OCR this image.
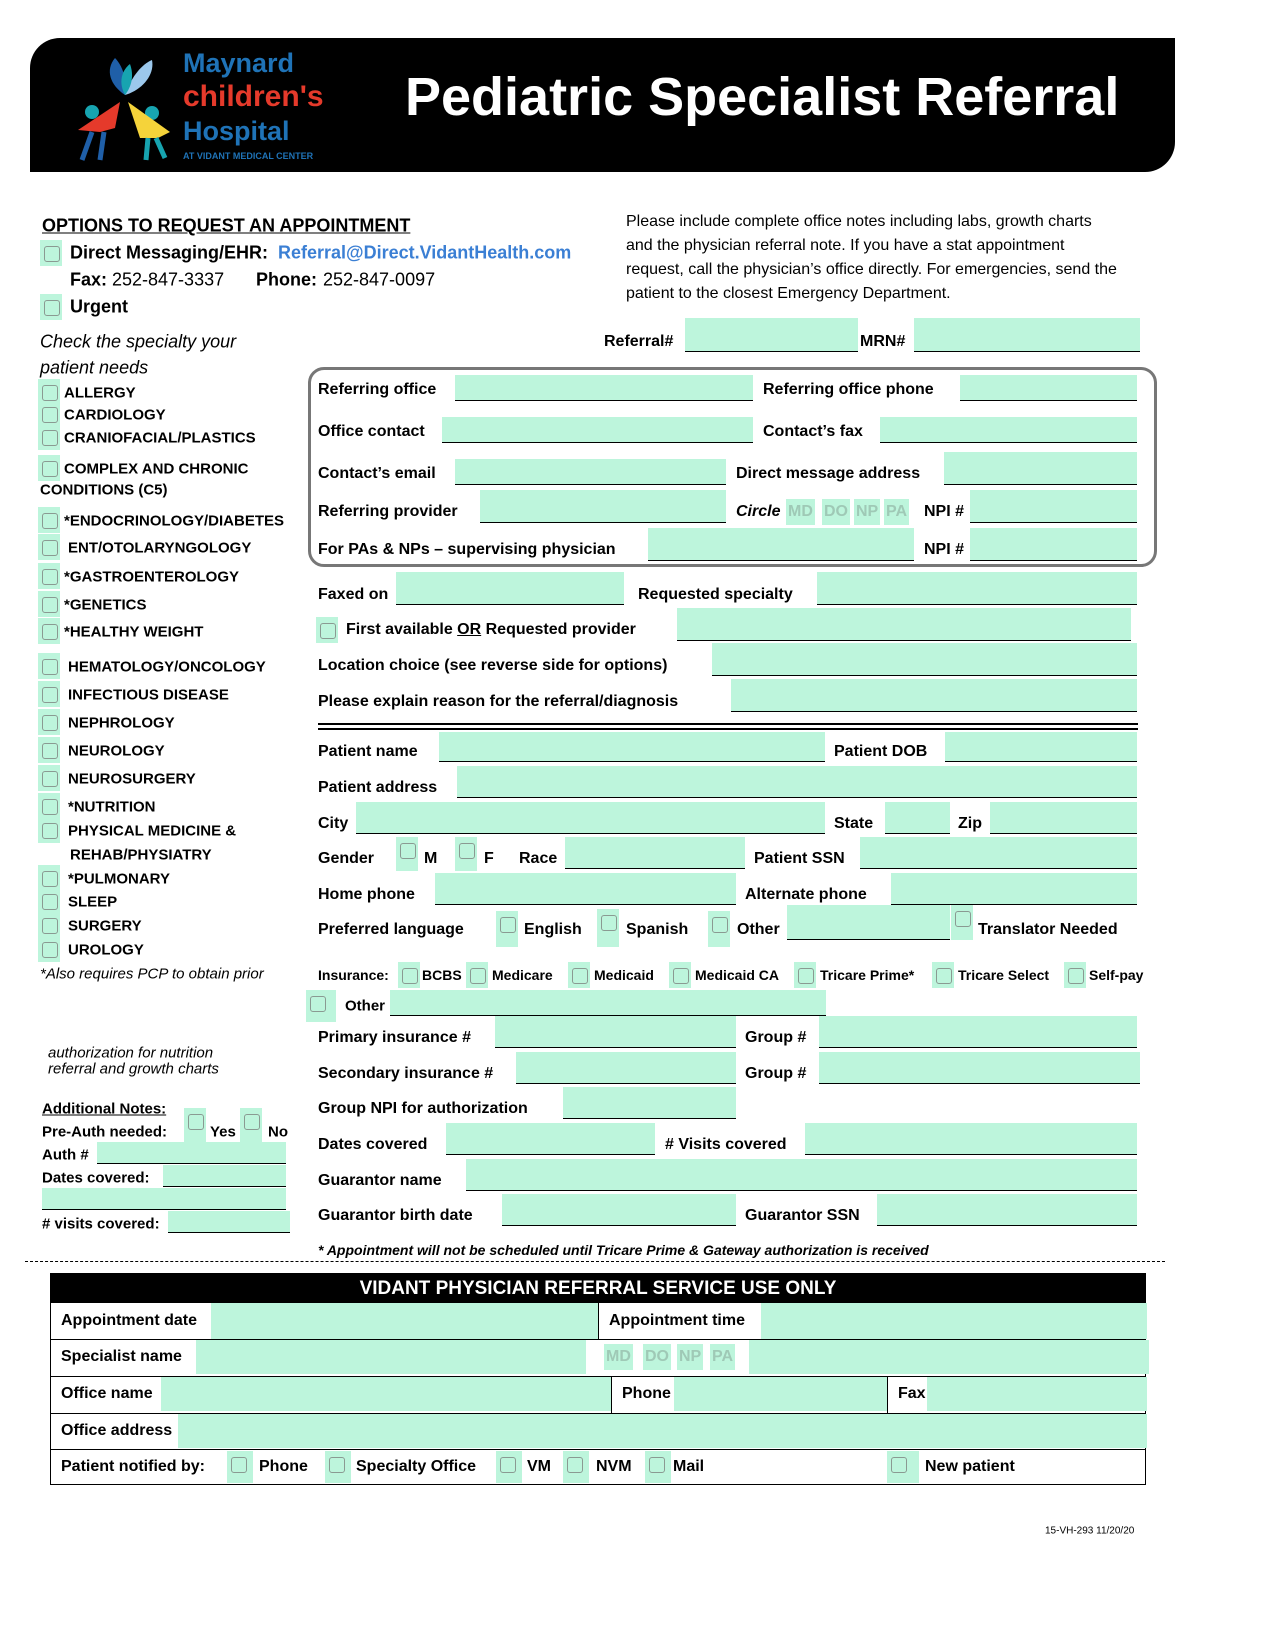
Maynard
children's
Hospital
AT VIDANT MEDICAL CENTER
Pediatric Specialist Referral
OPTIONS TO REQUEST AN APPOINTMENT
Direct Messaging/EHR: Referral@Direct.VidantHealth.com
Fax: 252-847-3337 Phone: 252-847-0097
Urgent
Please include complete office notes including labs, growth charts
and the physician referral note. If you have a stat appointment
request, call the physician’s office directly. For emergencies, send the
patient to the closest Emergency Department.
Referral#	MRN#
Check the specialty your
patient needs
ALLERGY
CARDIOLOGY
CRANIOFACIAL/PLASTICS
COMPLEX AND CHRONIC
CONDITIONS (C5)
*ENDOCRINOLOGY/DIABETES
ENT/OTOLARYNGOLOGY
*GASTROENTEROLOGY
*GENETICS
*HEALTHY WEIGHT
HEMATOLOGY/ONCOLOGY
INFECTIOUS DISEASE
NEPHROLOGY
NEUROLOGY
NEUROSURGERY
*NUTRITION
PHYSICAL MEDICINE &
REHAB/PHYSIATRY
*PULMONARY
SLEEP
SURGERY
UROLOGY
*Also requires PCP to obtain prior
authorization for nutrition
referral and growth charts
Additional Notes:
Pre-Auth needed:	Yes No
Auth #
Dates covered:
# visits covered:
Referring office	Referring office phone
Office contact	Contact’s fax
Contact’s email	Direct message address
Referring provider	Circle MD DO NP PA NPI #
For PAs & NPs – supervising physician	NPI #
Faxed on	Requested specialty
First available OR Requested provider
Location choice (see reverse side for options)
Please explain reason for the referral/diagnosis
Patient name	Patient DOB
Patient address
City	State	Zip
Gender	M	F Race	Patient SSN
Home phone	Alternate phone
Preferred language	English	Spanish	Other	Translator Needed
Insurance: BCBS Medicare	Medicaid	Medicaid CA	Tricare Prime*	Tricare Select	Self-pay
Other
Primary insurance #	Group #
Secondary insurance #	Group #
Group NPI for authorization
Dates covered	# Visits covered
Guarantor name
Guarantor birth date	Guarantor SSN
* Appointment will not be scheduled until Tricare Prime & Gateway authorization is received
VIDANT PHYSICIAN REFERRAL SERVICE USE ONLY
Appointment date	Appointment time
Specialist name	MD DO NP PA
Office name	Phone	Fax
Office address
Patient notified by:	Phone	Specialty Office	VM	NVM	Mail	New patient
15-VH-293 11/20/20
